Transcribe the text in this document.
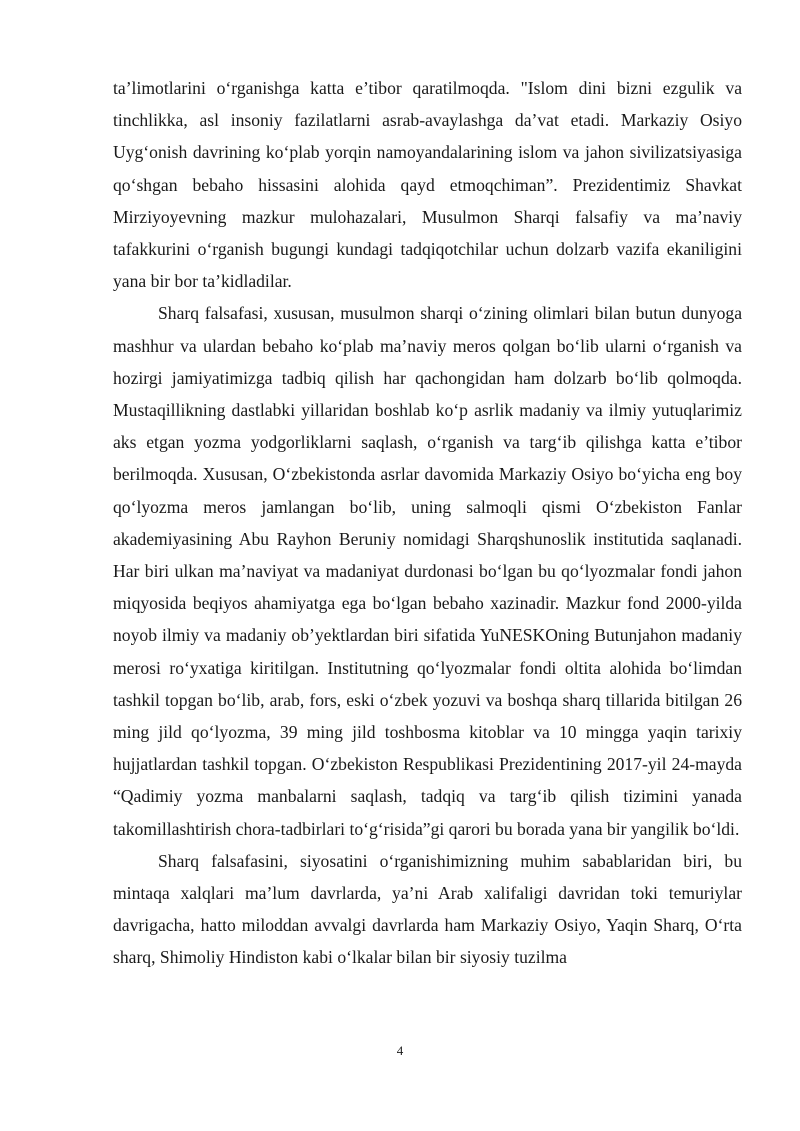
ta’limotlarini o‘rganishga katta e’tibor qaratilmoqda. "Islom dini bizni ezgulik va tinchlikka, asl insoniy fazilatlarni asrab-avaylashga da’vat etadi. Markaziy Osiyo Uyg‘onish davrining ko‘plab yorqin namoyandalarining islom va jahon sivilizatsiyasiga qo‘shgan bebaho hissasini alohida qayd etmoqchiman”. Prezidentimiz Shavkat Mirziyoyevning mazkur mulohazalari, Musulmon Sharqi falsafiy va ma’naviy tafakkurini o‘rganish bugungi kundagi tadqiqotchilar uchun dolzarb vazifa ekaniligini yana bir bor ta’kidladilar.

Sharq falsafasi, xususan, musulmon sharqi o‘zining olimlari bilan butun dunyoga mashhur va ulardan bebaho ko‘plab ma’naviy meros qolgan bo‘lib ularni o‘rganish va hozirgi jamiyatimizga tadbiq qilish har qachongidan ham dolzarb bo‘lib qolmoqda. Mustaqillikning dastlabki yillaridan boshlab ko‘p asrlik madaniy va ilmiy yutuqlarimiz aks etgan yozma yodgorliklarni saqlash, o‘rganish va targ‘ib qilishga katta e’tibor berilmoqda. Xususan, O‘zbekistonda asrlar davomida Markaziy Osiyo bo‘yicha eng boy qo‘lyozma meros jamlangan bo‘lib, uning salmoqli qismi O‘zbekiston Fanlar akademiyasining Abu Rayhon Beruniy nomidagi Sharqshunoslik institutida saqlanadi. Har biri ulkan ma’naviyat va madaniyat durdonasi bo‘lgan bu qo‘lyozmalar fondi jahon miqyosida beqiyos ahamiyatga ega bo‘lgan bebaho xazinadir. Mazkur fond 2000-yilda noyob ilmiy va madaniy ob’yektlardan biri sifatida YuNESKOning Butunjahon madaniy merosi ro‘yxatiga kiritilgan. Institutning qo‘lyozmalar fondi oltita alohida bo‘limdan tashkil topgan bo‘lib, arab, fors, eski o‘zbek yozuvi va boshqa sharq tillarida bitilgan 26 ming jild qo‘lyozma, 39 ming jild toshbosma kitoblar va 10 mingga yaqin tarixiy hujjatlardan tashkil topgan. O‘zbekiston Respublikasi Prezidentining 2017-yil 24-mayda “Qadimiy yozma manbalarni saqlash, tadqiq va targ‘ib qilish tizimini yanada takomillashtirish chora-tadbirlari to‘g‘risida”gi qarori bu borada yana bir yangilik bo‘ldi.

Sharq falsafasini, siyosatini o‘rganishimizning muhim sabablaridan biri, bu mintaqa xalqlari ma’lum davrlarda, ya’ni Arab xalifaligi davridan toki temuriylar davrigacha, hatto miloddan avvalgi davrlarda ham Markaziy Osiyo, Yaqin Sharq, O‘rta sharq, Shimoliy Hindiston kabi o‘lkalar bilan bir siyosiy tuzilma

4
